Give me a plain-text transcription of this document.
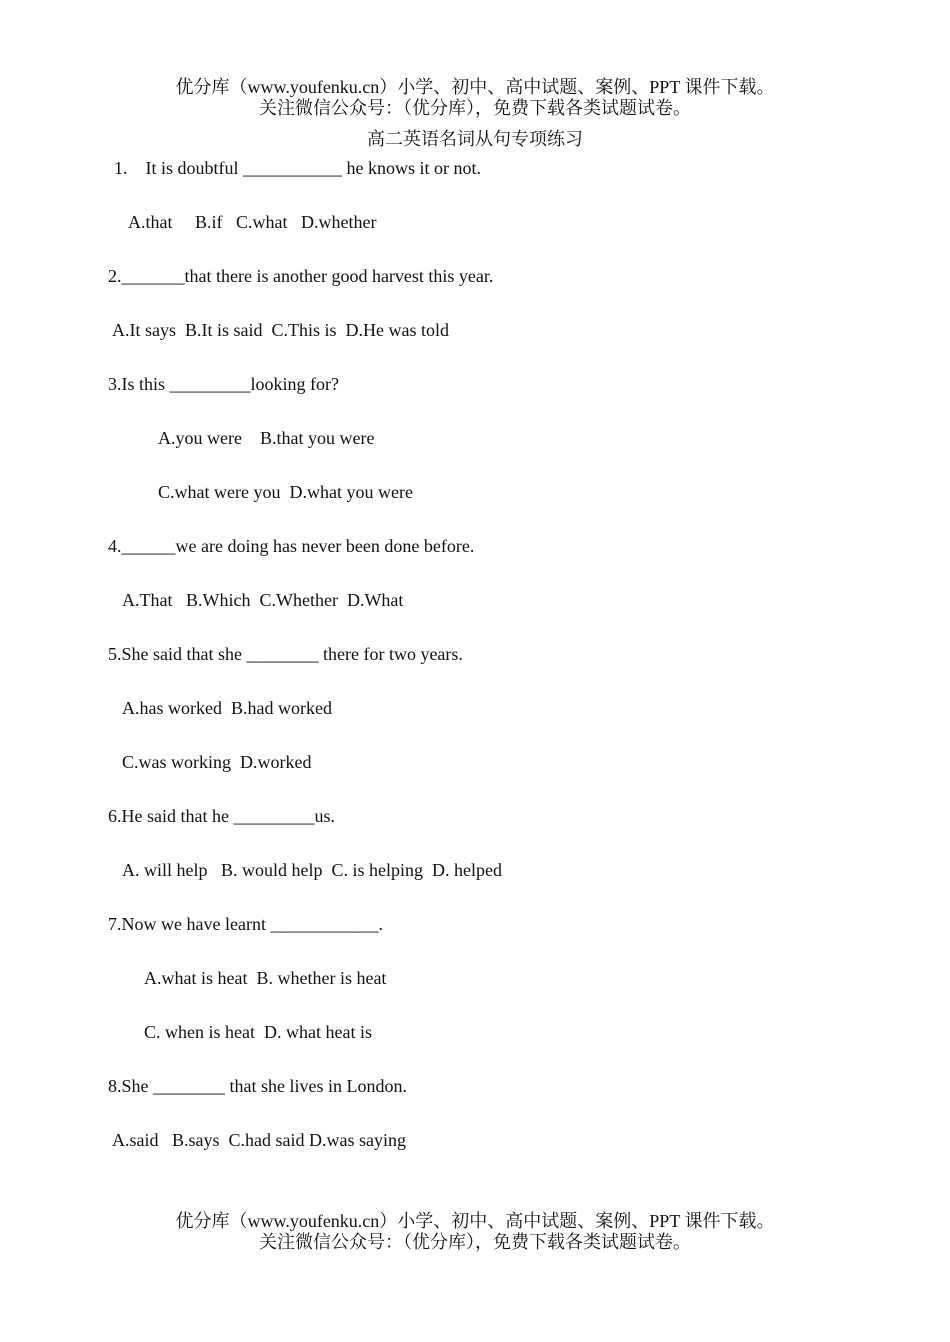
优分库（www.youfenku.cn）小学、初中、高中试题、案例、PPT 课件下载。
关注微信公众号：（优分库），免费下载各类试题试卷。
高二英语名词从句专项练习
1.    It is doubtful ___________ he knows it or not.
A.that     B.if   C.what   D.whether
2._______that there is another good harvest this year.
A.It says  B.It is said  C.This is  D.He was told
3.Is this _________looking for?
A.you were    B.that you were
C.what were you  D.what you were
4.______we are doing has never been done before.
A.That   B.Which  C.Whether  D.What
5.She said that she ________ there for two years.
A.has worked  B.had worked
C.was working  D.worked
6.He said that he _________us.
A. will help   B. would help  C. is helping  D. helped
7.Now we have learnt ____________.
A.what is heat  B. whether is heat
C. when is heat  D. what heat is
8.She ________ that she lives in London.
A.said   B.says  C.had said D.was saying
优分库（www.youfenku.cn）小学、初中、高中试题、案例、PPT 课件下载。
关注微信公众号：（优分库），免费下载各类试题试卷。
